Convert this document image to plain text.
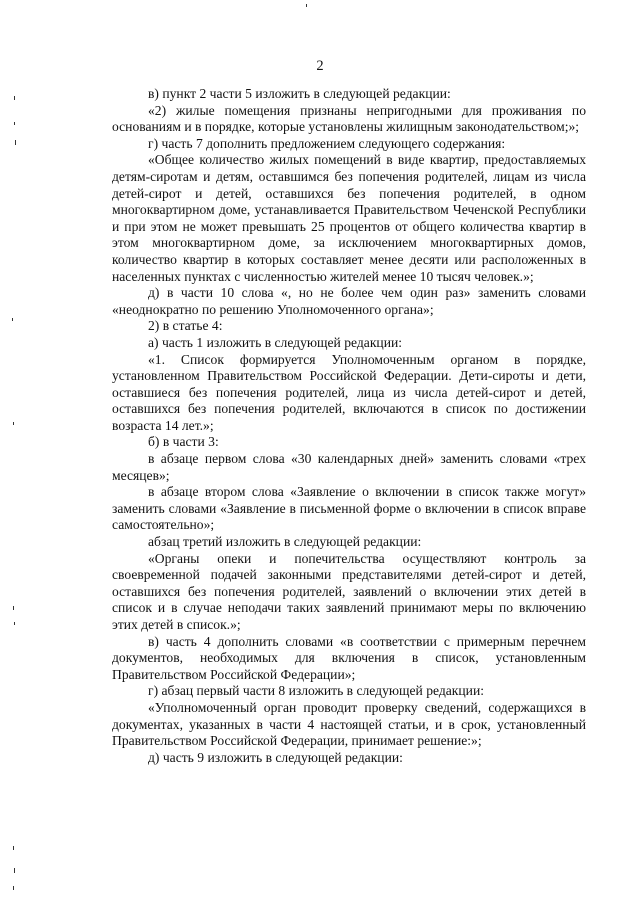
2

в) пункт 2 части 5 изложить в следующей редакции:

«2) жилые помещения признаны непригодными для проживания по основаниям и в порядке, которые установлены жилищным законодательством;»;

г) часть 7 дополнить предложением следующего содержания:

«Общее количество жилых помещений в виде квартир, предоставляемых детям-сиротам и детям, оставшимся без попечения родителей, лицам из числа детей-сирот и детей, оставшихся без попечения родителей, в одном многоквартирном доме, устанавливается Правительством Чеченской Республики и при этом не может превышать 25 процентов от общего количества квартир в этом многоквартирном доме, за исключением многоквартирных домов, количество квартир в которых составляет менее десяти или расположенных в населенных пунктах с численностью жителей менее 10 тысяч человек.»;

д) в части 10 слова «, но не более чем один раз» заменить словами «неоднократно по решению Уполномоченного органа»;

2) в статье 4:

а) часть 1 изложить в следующей редакции:

«1. Список формируется Уполномоченным органом в порядке, установленном Правительством Российской Федерации. Дети-сироты и дети, оставшиеся без попечения родителей, лица из числа детей-сирот и детей, оставшихся без попечения родителей, включаются в список по достижении возраста 14 лет.»;

б) в части 3:

в абзаце первом слова «30 календарных дней» заменить словами «трех месяцев»;

в абзаце втором слова «Заявление о включении в список также могут» заменить словами «Заявление в письменной форме о включении в список вправе самостоятельно»;

абзац третий изложить в следующей редакции:

«Органы опеки и попечительства осуществляют контроль за своевременной подачей законными представителями детей-сирот и детей, оставшихся без попечения родителей, заявлений о включении этих детей в список и в случае неподачи таких заявлений принимают меры по включению этих детей в список.»;

в) часть 4 дополнить словами «в соответствии с примерным перечнем документов, необходимых для включения в список, установленным Правительством Российской Федерации»;

г) абзац первый части 8 изложить в следующей редакции:

«Уполномоченный орган проводит проверку сведений, содержащихся в документах, указанных в части 4 настоящей статьи, и в срок, установленный Правительством Российской Федерации, принимает решение:»;

д) часть 9 изложить в следующей редакции:
